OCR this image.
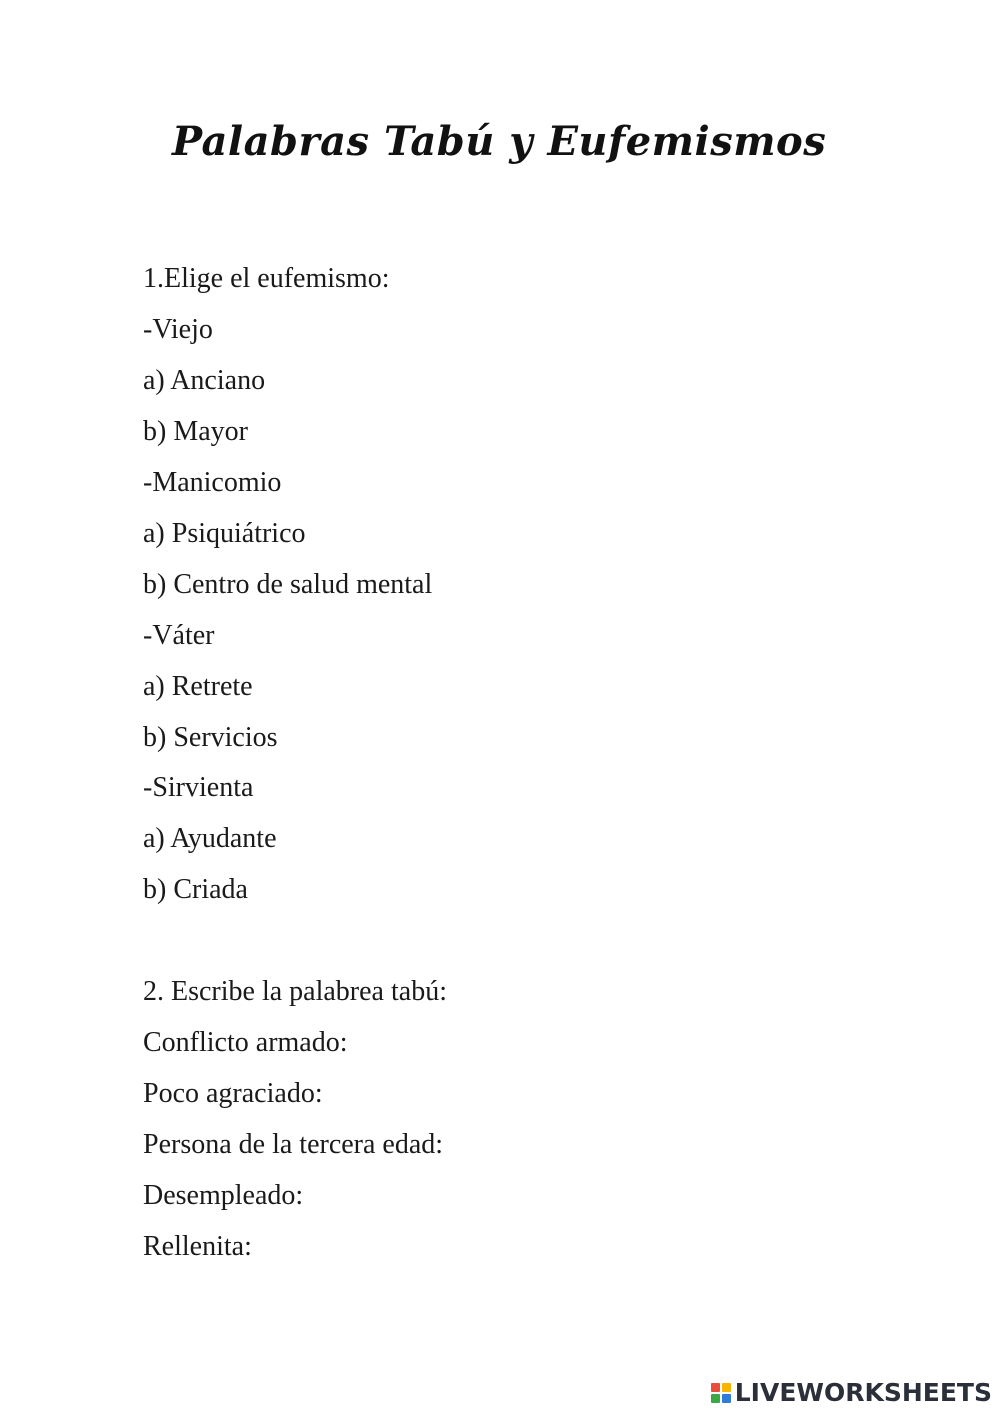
Palabras Tabú y Eufemismos
1.Elige el eufemismo:
-Viejo
a) Anciano
b) Mayor
-Manicomio
a) Psiquiátrico
b) Centro de salud mental
-Váter
a) Retrete
b) Servicios
-Sirvienta
a) Ayudante
b) Criada
2. Escribe la palabrea tabú:
Conflicto armado:
Poco agraciado:
Persona de la tercera edad:
Desempleado:
Rellenita:
LIVEWORKSHEETS
